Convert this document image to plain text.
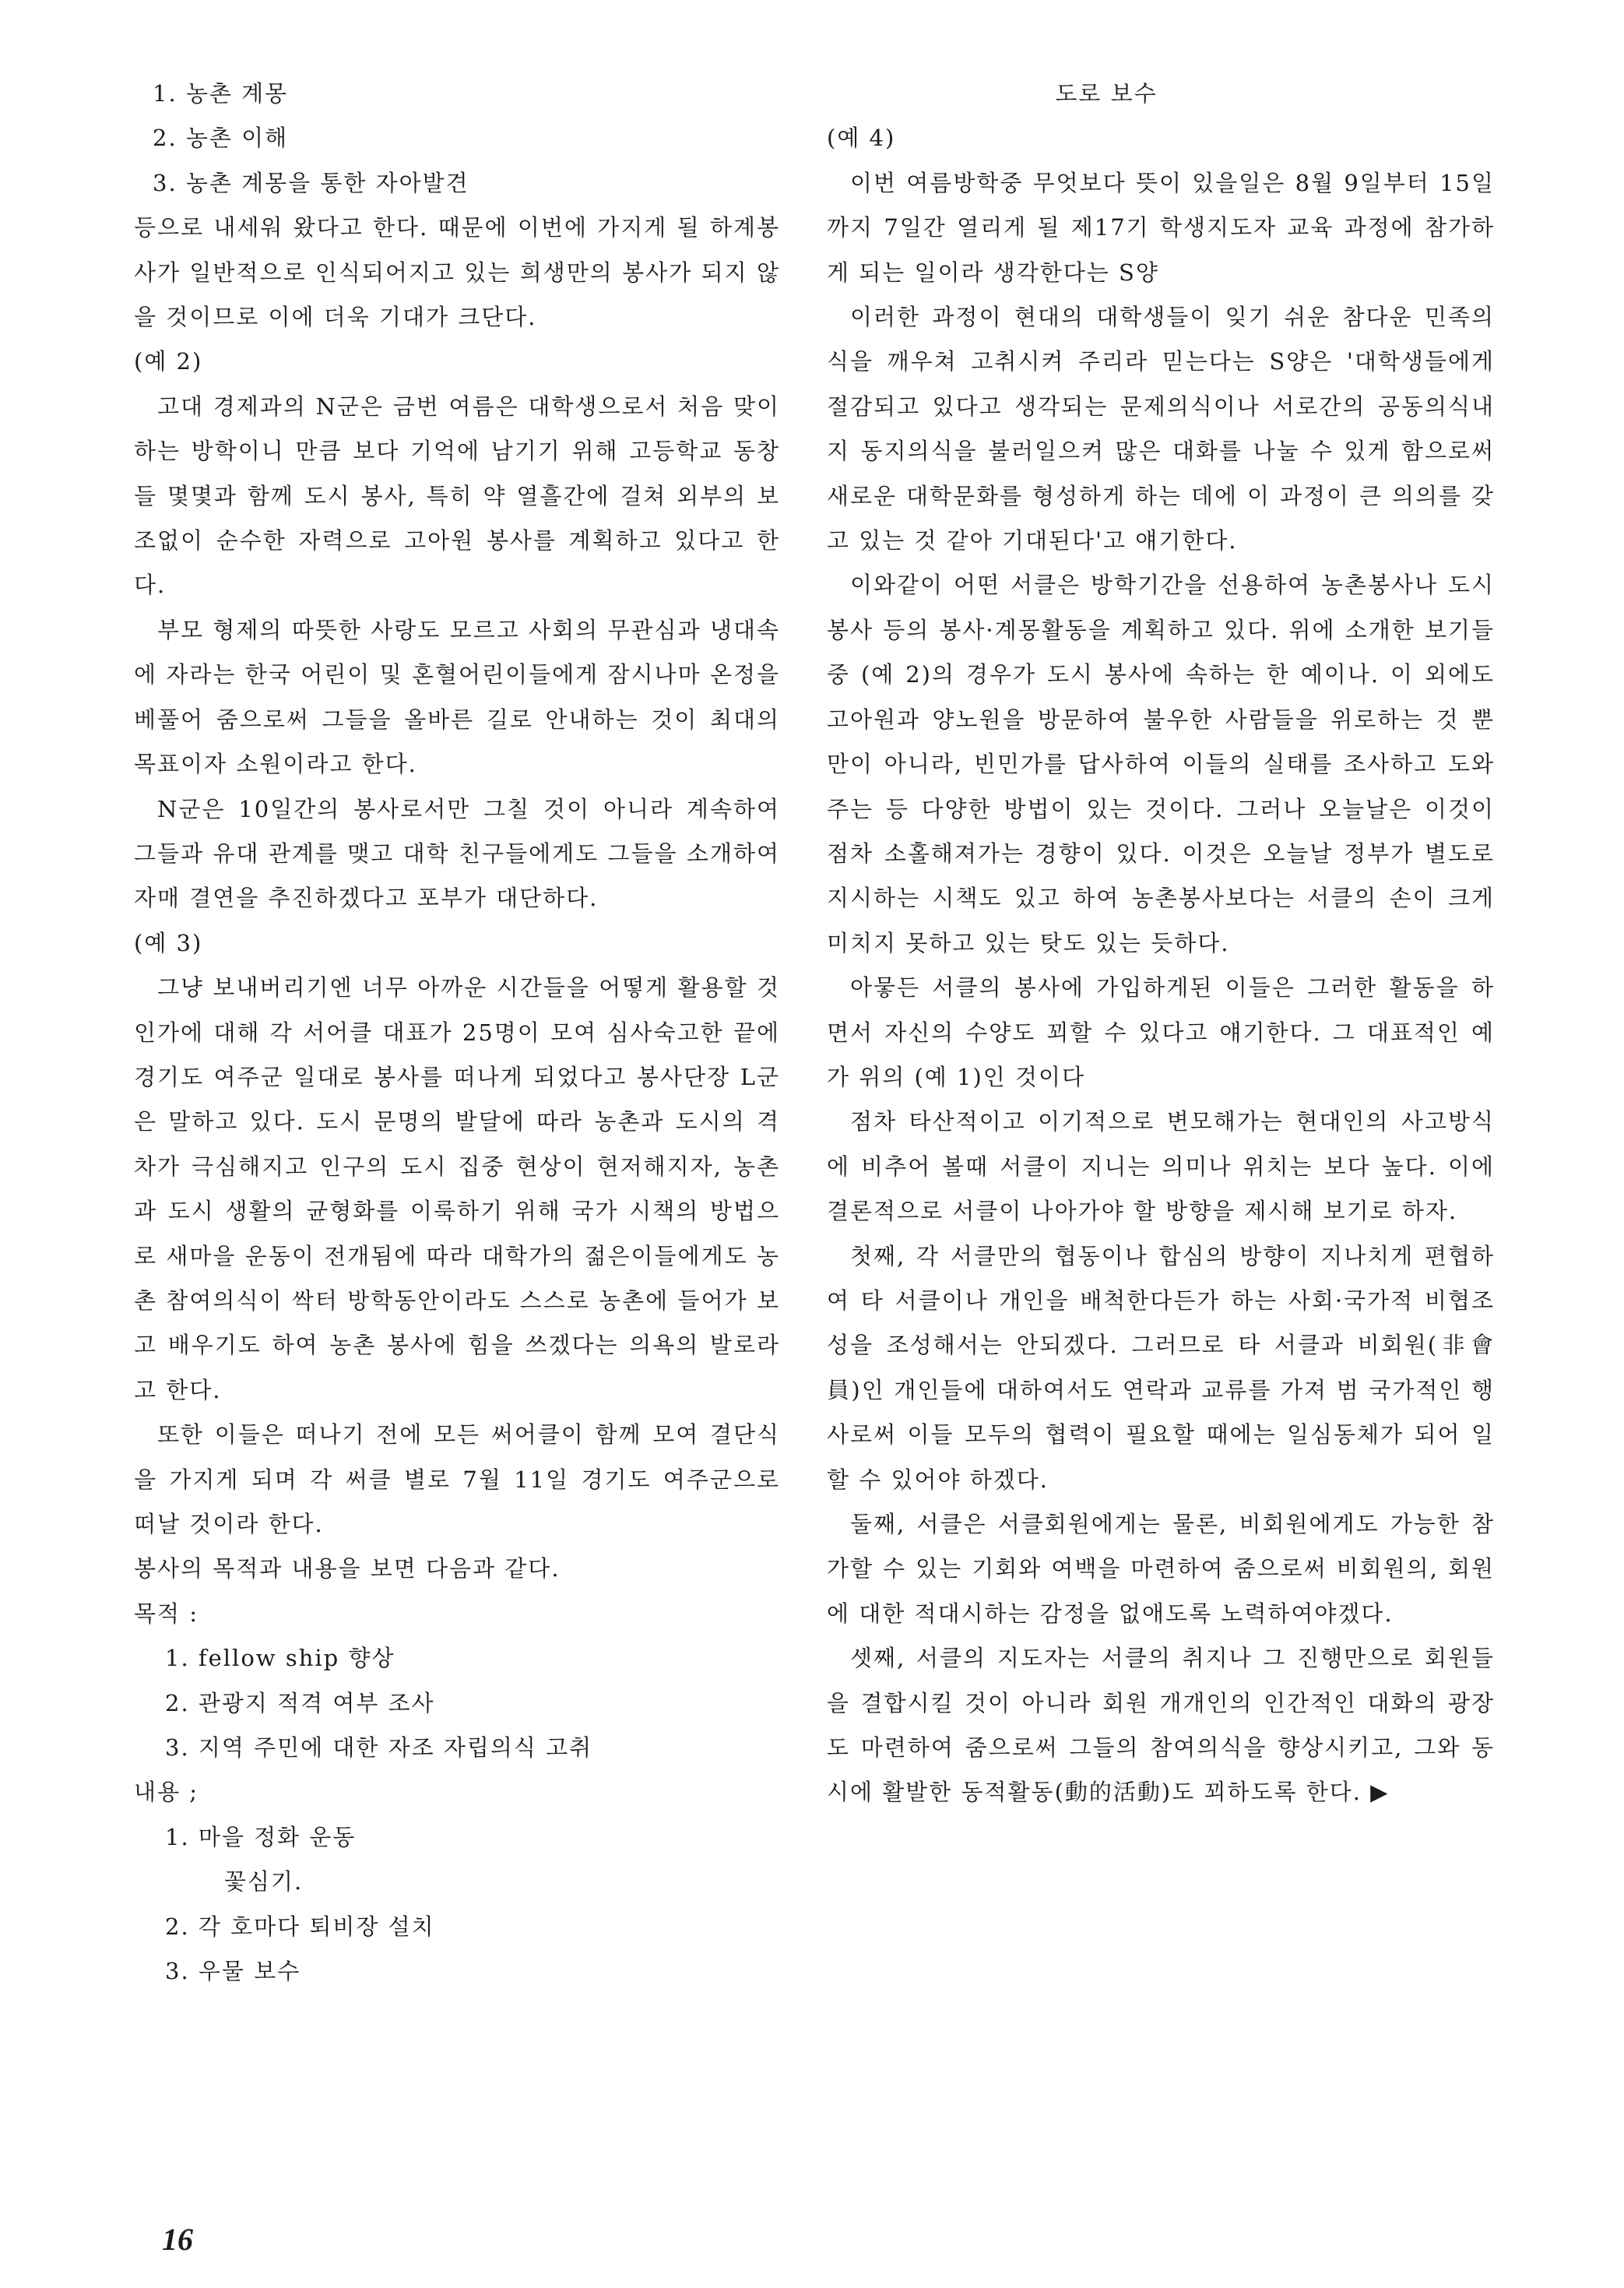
1. 농촌 계몽
2. 농촌 이해
3. 농촌 계몽을 통한 자아발견

등으로 내세워 왔다고 한다. 때문에 이번에 가지게 될 하계봉사가 일반적으로 인식되어지고 있는 희생만의 봉사가 되지 않을 것이므로 이에 더욱 기대가 크단다.

(예 2)

고대 경제과의 N군은 금번 여름은 대학생으로서 처음 맞이하는 방학이니 만큼 보다 기억에 남기기 위해 고등학교 동창들 몇몇과 함께 도시 봉사, 특히 약 열흘간에 걸쳐 외부의 보조없이 순수한 자력으로 고아원 봉사를 계획하고 있다고 한다.

부모 형제의 따뜻한 사랑도 모르고 사회의 무관심과 냉대속에 자라는 한국 어린이 및 혼혈어린이들에게 잠시나마 온정을 베풀어 줌으로써 그들을 올바른 길로 안내하는 것이 최대의 목표이자 소원이라고 한다.

N군은 10일간의 봉사로서만 그칠 것이 아니라 계속하여 그들과 유대 관계를 맺고 대학 친구들에게도 그들을 소개하여 자매 결연을 추진하겠다고 포부가 대단하다.

(예 3)

그냥 보내버리기엔 너무 아까운 시간들을 어떻게 활용할 것인가에 대해 각 서어클 대표가 25명이 모여 심사숙고한 끝에 경기도 여주군 일대로 봉사를 떠나게 되었다고 봉사단장 L군은 말하고 있다. 도시 문명의 발달에 따라 농촌과 도시의 격차가 극심해지고 인구의 도시 집중 현상이 현저해지자, 농촌과 도시 생활의 균형화를 이룩하기 위해 국가 시책의 방법으로 새마을 운동이 전개됨에 따라 대학가의 젊은이들에게도 농촌 참여의식이 싹터 방학동안이라도 스스로 농촌에 들어가 보고 배우기도 하여 농촌 봉사에 힘을 쓰겠다는 의욕의 발로라고 한다.

또한 이들은 떠나기 전에 모든 써어클이 함께 모여 결단식을 가지게 되며 각 써클 별로 7월 11일 경기도 여주군으로 떠날 것이라 한다.

봉사의 목적과 내용을 보면 다음과 같다.

목적 :
1. fellow ship 향상
2. 관광지 적격 여부 조사
3. 지역 주민에 대한 자조 자립의식 고취
내용 ;
1. 마을 정화 운동
꽃심기.
2. 각 호마다 퇴비장 설치
3. 우물 보수
도로 보수
(예 4)

이번 여름방학중 무엇보다 뜻이 있을일은 8월 9일부터 15일까지 7일간 열리게 될 제17기 학생지도자 교육 과정에 참가하게 되는 일이라 생각한다는 S양

이러한 과정이 현대의 대학생들이 잊기 쉬운 참다운 민족의식을 깨우쳐 고취시켜 주리라 믿는다는 S양은 '대학생들에게 절감되고 있다고 생각되는 문제의식이나 서로간의 공동의식내지 동지의식을 불러일으켜 많은 대화를 나눌 수 있게 함으로써 새로운 대학문화를 형성하게 하는 데에 이 과정이 큰 의의를 갖고 있는 것 같아 기대된다'고 얘기한다.

이와같이 어떤 서클은 방학기간을 선용하여 농촌봉사나 도시봉사 등의 봉사·계몽활동을 계획하고 있다. 위에 소개한 보기들 중 (예 2)의 경우가 도시 봉사에 속하는 한 예이나. 이 외에도 고아원과 양노원을 방문하여 불우한 사람들을 위로하는 것 뿐만이 아니라, 빈민가를 답사하여 이들의 실태를 조사하고 도와주는 등 다양한 방법이 있는 것이다. 그러나 오늘날은 이것이 점차 소홀해져가는 경향이 있다. 이것은 오늘날 정부가 별도로 지시하는 시책도 있고 하여 농촌봉사보다는 서클의 손이 크게 미치지 못하고 있는 탓도 있는 듯하다.

아뭏든 서클의 봉사에 가입하게된 이들은 그러한 활동을 하면서 자신의 수양도 꾀할 수 있다고 얘기한다. 그 대표적인 예가 위의 (예 1)인 것이다

점차 타산적이고 이기적으로 변모해가는 현대인의 사고방식에 비추어 볼때 서클이 지니는 의미나 위치는 보다 높다. 이에 결론적으로 서클이 나아가야 할 방향을 제시해 보기로 하자.

첫째, 각 서클만의 협동이나 합심의 방향이 지나치게 편협하여 타 서클이나 개인을 배척한다든가 하는 사회·국가적 비협조성을 조성해서는 안되겠다. 그러므로 타 서클과 비회원(非會員)인 개인들에 대하여서도 연락과 교류를 가져 범 국가적인 행사로써 이들 모두의 협력이 필요할 때에는 일심동체가 되어 일할 수 있어야 하겠다.

둘째, 서클은 서클회원에게는 물론, 비회원에게도 가능한 참가할 수 있는 기회와 여백을 마련하여 줌으로써 비회원의, 회원에 대한 적대시하는 감정을 없애도록 노력하여야겠다.

셋째, 서클의 지도자는 서클의 취지나 그 진행만으로 회원들을 결합시킬 것이 아니라 회원 개개인의 인간적인 대화의 광장도 마련하여 줌으로써 그들의 참여의식을 향상시키고, 그와 동시에 활발한 동적활동(動的活動)도 꾀하도록 한다. ▶

16
